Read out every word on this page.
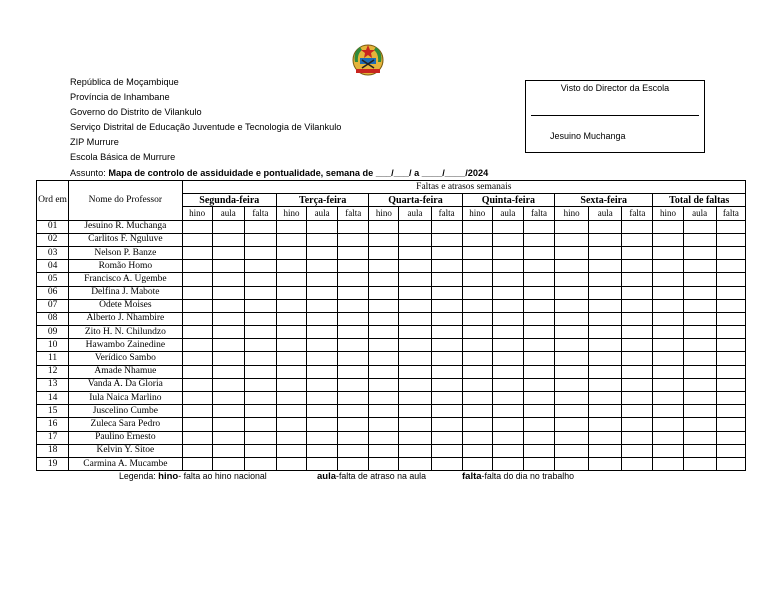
República de Moçambique
Província de Inhambane
Governo do Distrito de Vilankulo
Serviço Distrital de Educação Juventude e Tecnologia de Vilankulo
ZIP Murrure
Escola Básica de Murrure
Assunto: Mapa de controlo de assiduidade e pontualidade, semana de ___/___/ a ____/____/2024
Visto do Director da Escola
Jesuino Muchanga
Ord em	Nome do Professor	Faltas e atrasos semanais																	
		Segunda-feira			Terça-feira			Quarta-feira			Quinta-feira			Sexta-feira			Total de faltas		
		hino	aula	falta	hino	aula	falta	hino	aula	falta	hino	aula	falta	hino	aula	falta	hino	aula	falta
01	Jesuino R. Muchanga																		
02	Carlitos F. Nguluve																		
03	Nelson P. Banze																		
04	Romão Homo																		
05	Francisco A. Ugembe																		
06	Delfina J. Mabote																		
07	Odete Moises																		
08	Alberto J. Nhambire																		
09	Zito H. N. Chilundzo																		
10	Hawambo Zainedine																		
11	Verídico Sambo																		
12	Amade Nhamue																		
13	Vanda A. Da Gloria																		
14	Iula Naica Marlino																		
15	Juscelino Cumbe																		
16	Zuleca Sara Pedro																		
17	Paulino Ernesto																		
18	Kelvin Y. Sitoe																		
19	Carmina A. Mucambe																		
Legenda: hino- falta ao hino nacional	aula-falta de atraso na aula	falta-falta do dia no trabalho
